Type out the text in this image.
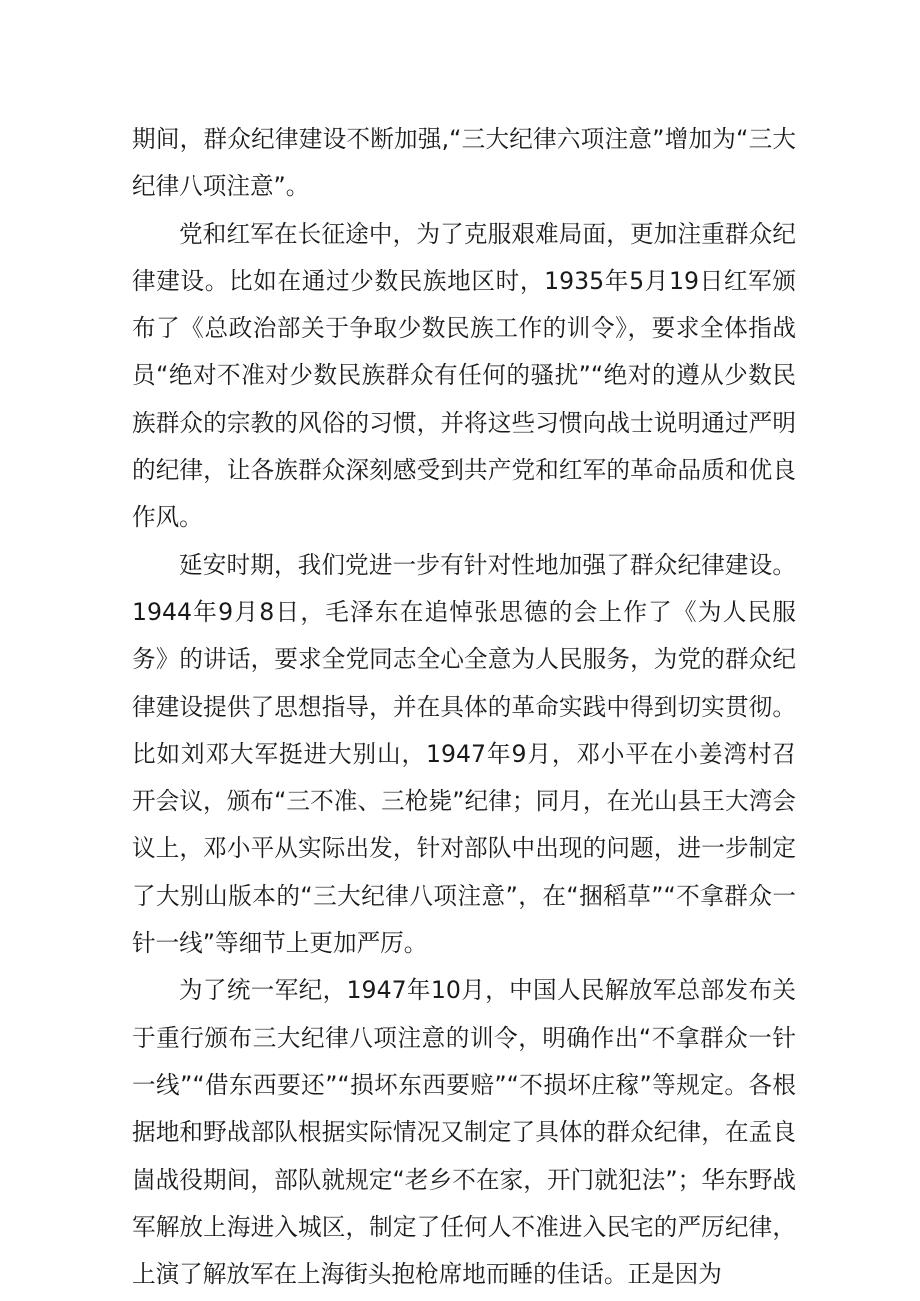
期间，群众纪律建设不断加强,“三大纪律六项注意”增加为“三大纪律八项注意”。

党和红军在长征途中，为了克服艰难局面，更加注重群众纪律建设。比如在通过少数民族地区时，1935年5月19日红军颁布了《总政治部关于争取少数民族工作的训令》，要求全体指战员“绝对不准对少数民族群众有任何的骚扰”“绝对的遵从少数民族群众的宗教的风俗的习惯，并将这些习惯向战士说明通过严明的纪律，让各族群众深刻感受到共产党和红军的革命品质和优良作风。

延安时期，我们党进一步有针对性地加强了群众纪律建设。1944年9月8日，毛泽东在追悼张思德的会上作了《为人民服务》的讲话，要求全党同志全心全意为人民服务，为党的群众纪律建设提供了思想指导，并在具体的革命实践中得到切实贯彻。比如刘邓大军挺进大别山，1947年9月，邓小平在小姜湾村召开会议，颁布“三不准、三枪毙”纪律；同月，在光山县王大湾会议上，邓小平从实际出发，针对部队中出现的问题，进一步制定了大别山版本的“三大纪律八项注意”，在“捆稻草”“不拿群众一针一线”等细节上更加严厉。

为了统一军纪，1947年10月，中国人民解放军总部发布关于重行颁布三大纪律八项注意的训令，明确作出“不拿群众一针一线”“借东西要还”“损坏东西要赔”“不损坏庄稼”等规定。各根据地和野战部队根据实际情况又制定了具体的群众纪律，在孟良崮战役期间，部队就规定“老乡不在家，开门就犯法”；华东野战军解放上海进入城区，制定了任何人不准进入民宅的严厉纪律，上演了解放军在上海街头抱枪席地而睡的佳话。正是因为
